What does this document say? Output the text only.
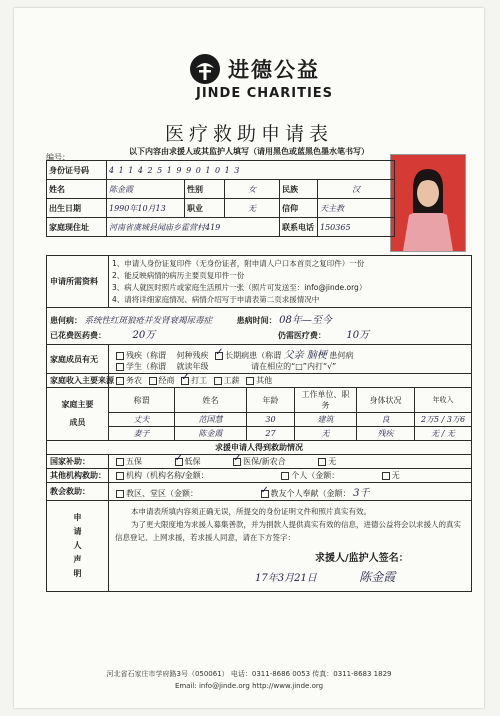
进德公益
JINDE CHARITIES
医疗救助申请表
以下内容由求援人或其监护人填写（请用黑色或蓝黑色墨水笔书写）
编号：
身份证号码	4 1 1 4 2 5 1 9 9 0 1 0 1 3				
姓名	陈金霞	性别	女	民族	汉
出生日期	1990年10月13	职业	无	信仰	天主教
家庭现住址	河南省虞城县闻庙乡霍营村419			联系电话	150365
申请所需资料	1、申请人身份证复印件（无身份证者，附申请人户口本首页之复印件）一份

2、能反映病情的病历主要页复印件一份

3、病人就医时照片或家庭生活照片一张（照片可发送至：info@jinde.org）

4、请将详细家庭情况、病情介绍写于申请表第二页求援情况中					

患何病： 系统性红斑狼疮并发肾衰竭尿毒症 患病时间： 08年—至今
已花费医药费： 20万 仍需医疗费： 10万						
家庭成员有无	残疾（称谓 何种残疾 ✓ 长期病患（称谓 父亲 脑梗 患何病
学生（称谓 就读年级 请在相应的“□”内打“√”
家庭收入主要来源	务农 经商 ✓ 打工 工薪 其他
家庭主要成员	称谓	姓名	年龄	工作单位、职务	身体状况	年收入
	丈夫	范国慧	30	建筑	良	2万5 / 3万6
	妻子	陈金霞	27	无	残疾	无 / 无
求援申请人得到救助情况						
国家补助：	五保 ✓ 低保 ✓ 医保/新农合 无
其他机构救助：	机构（机构名称/金额： 个人（金额： 无					
教会救助：	教区、堂区（金额： ✓ 教友个人奉献（金额： 3千
申请人声明	本申请表所填内容须正确无误，所提交的身份证明文件和照片真实有效。
为了更大限度地为求援人募集善款，并为捐款人提供真实有效的信息，进德公益将会以求援人的真实信息登记、上网求援，若求援人同意，请在下方签字：
求援人/监护人签名：
17年3月21日 陈金霞					
河北省石家庄市学府路3号（050061） 电话：0311-8686 0053 传真：0311-8683 1829
Email: info@jinde.org http://www.jinde.org
